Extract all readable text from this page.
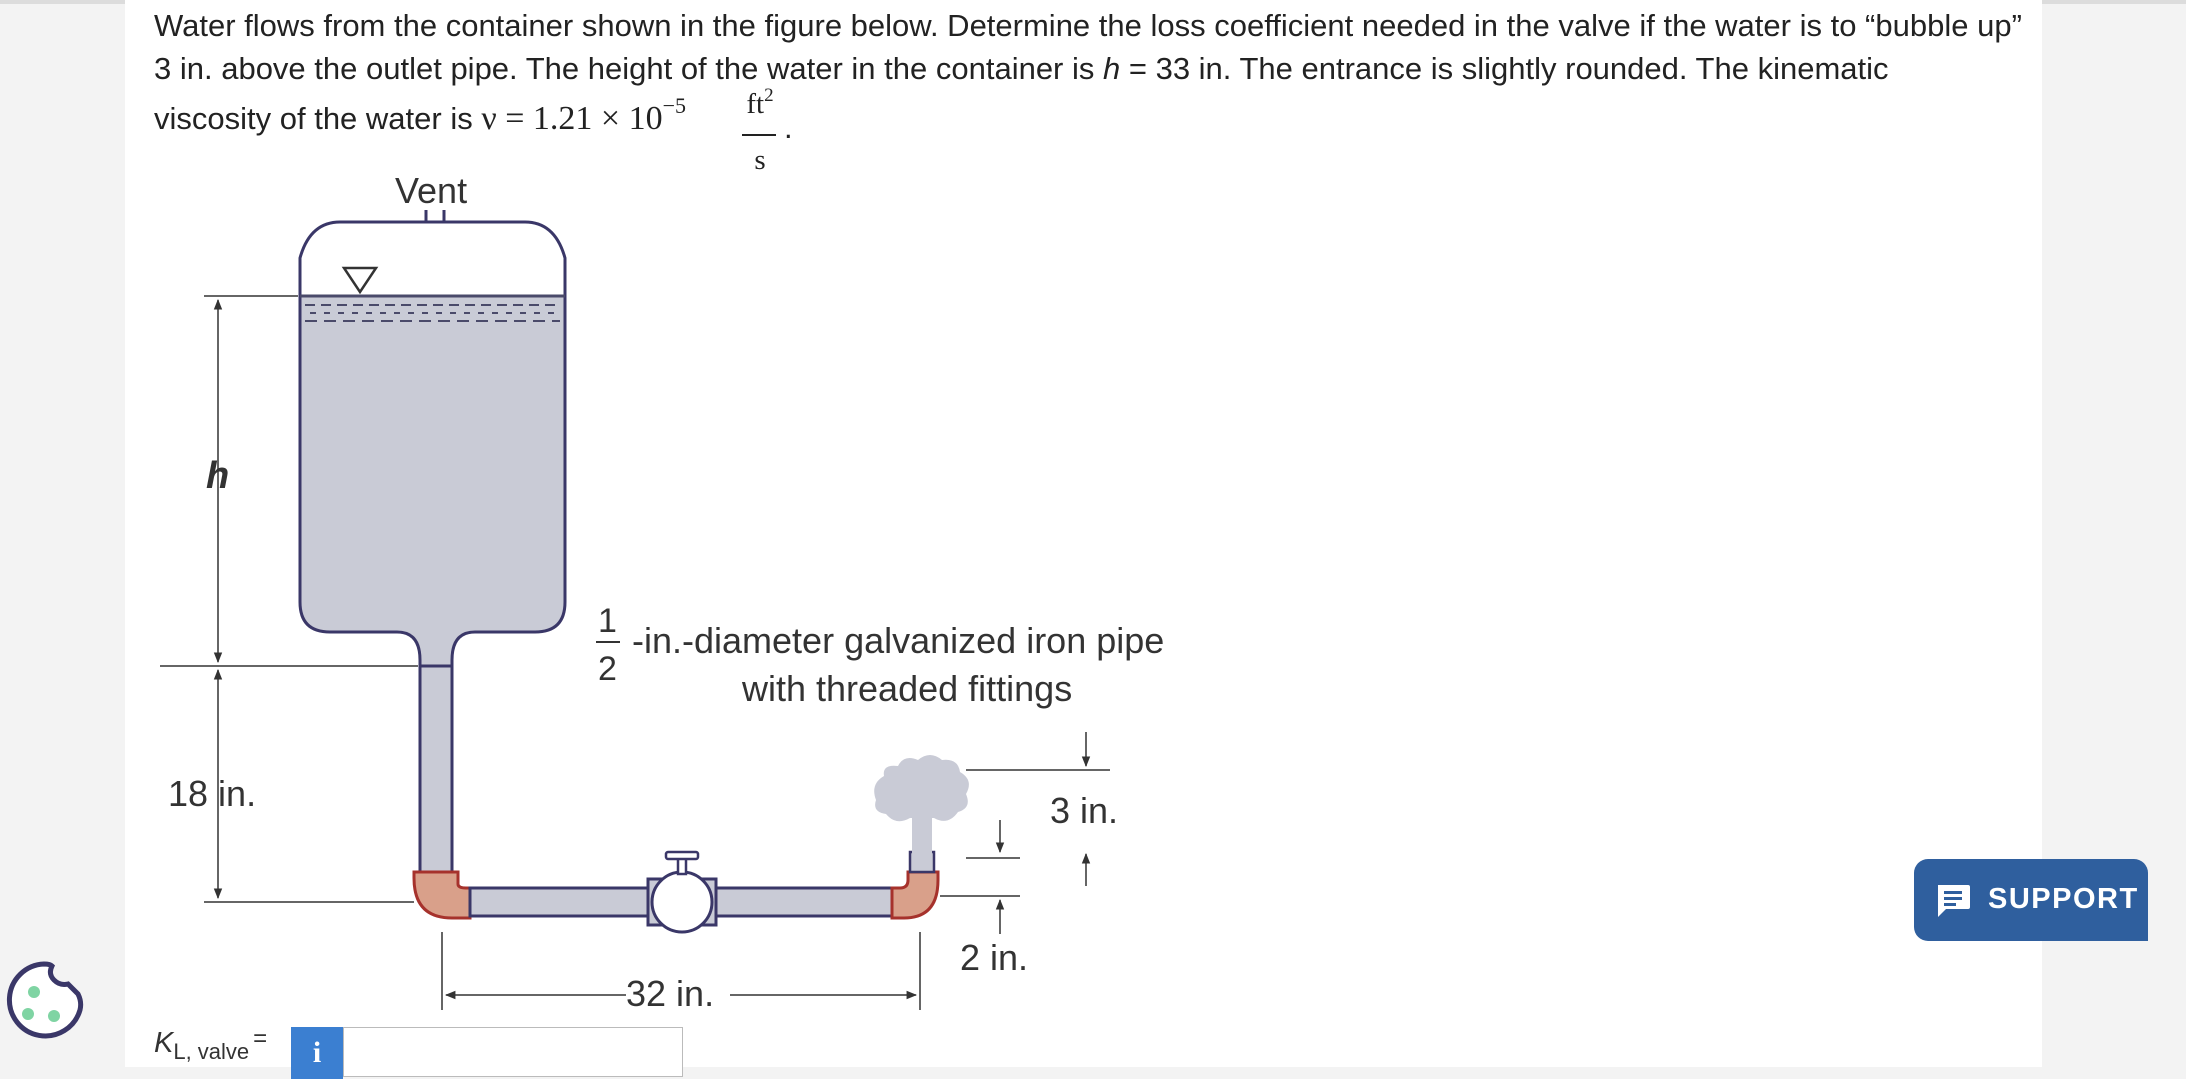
Water flows from the container shown in the figure below. Determine the loss coefficient needed in the valve if the water is to “bubble up” 3 in. above the outlet pipe. The height of the water in the container is h = 33 in. The entrance is slightly rounded. The kinematic
viscosity of the water is $\nu = 1.21 \times 10^{-5}$ $ft^2$
s
.
Vent
h
18 in.
1
2
-in.-diameter galvanized iron pipe
with threaded fittings
3 in.
2 in.
32 in.
$K_{L, valve}$ =	i
SUPPORT
